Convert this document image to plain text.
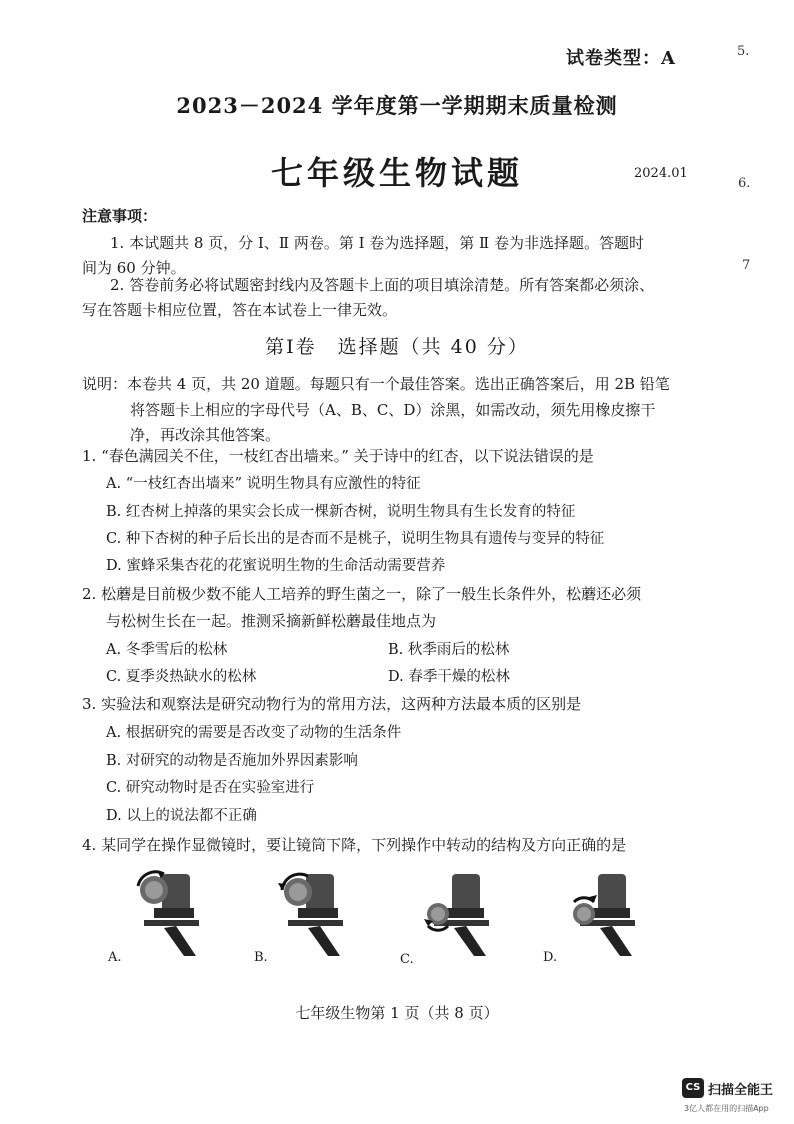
试卷类型：A	5.
6.
7
2023－2024 学年度第一学期期末质量检测
七年级生物试题	2024.01
注意事项：
1. 本试题共 8 页，分 Ⅰ、Ⅱ 两卷。第 Ⅰ 卷为选择题，第 Ⅱ 卷为非选择题。答题时
间为 60 分钟。
2. 答卷前务必将试题密封线内及答题卡上面的项目填涂清楚。所有答案都必须涂、
写在答题卡相应位置，答在本试卷上一律无效。
第Ⅰ卷　选择题（共 40 分）
说明：本卷共 4 页，共 20 道题。每题只有一个最佳答案。选出正确答案后，用 2B 铅笔
将答题卡上相应的字母代号（A、B、C、D）涂黑，如需改动，须先用橡皮擦干
净，再改涂其他答案。
1. “春色满园关不住，一枝红杏出墙来。” 关于诗中的红杏，以下说法错误的是
A. “一枝红杏出墙来” 说明生物具有应激性的特征
B. 红杏树上掉落的果实会长成一棵新杏树，说明生物具有生长发育的特征
C. 种下杏树的种子后长出的是杏而不是桃子，说明生物具有遗传与变异的特征
D. 蜜蜂采集杏花的花蜜说明生物的生命活动需要营养
2. 松蘑是目前极少数不能人工培养的野生菌之一，除了一般生长条件外，松蘑还必须
与松树生长在一起。推测采摘新鲜松蘑最佳地点为
A. 冬季雪后的松林	B. 秋季雨后的松林
C. 夏季炎热缺水的松林	D. 春季干燥的松林
3. 实验法和观察法是研究动物行为的常用方法，这两种方法最本质的区别是
A. 根据研究的需要是否改变了动物的生活条件
B. 对研究的动物是否施加外界因素影响
C. 研究动物时是否在实验室进行
D. 以上的说法都不正确
4. 某同学在操作显微镜时，要让镜筒下降，下列操作中转动的结构及方向正确的是
A.	B.	C.	D.
七年级生物第 1 页（共 8 页）
CS 扫描全能王
3亿人都在用的扫描App
